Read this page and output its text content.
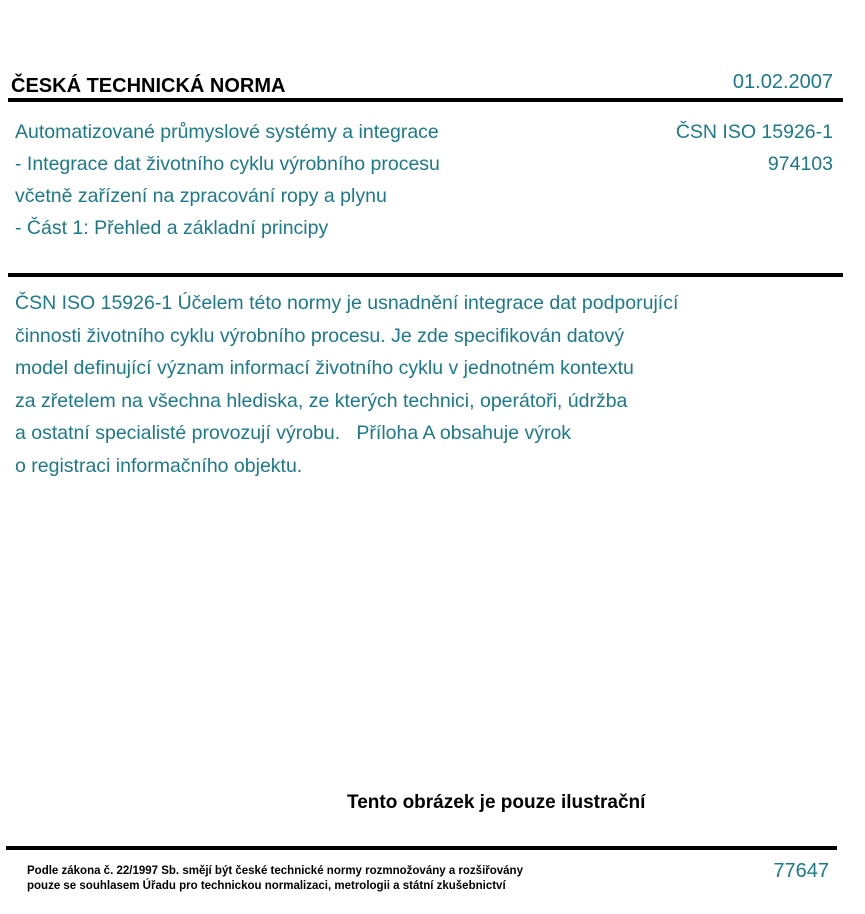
ČESKÁ TECHNICKÁ NORMA	01.02.2007
Automatizované průmyslové systémy a integrace
- Integrace dat životního cyklu výrobního procesu
včetně zařízení na zpracování ropy a plynu
- Část 1: Přehled a základní principy
ČSN ISO 15926-1
974103
ČSN ISO 15926-1 Účelem této normy je usnadnění integrace dat podporující
činnosti životního cyklu výrobního procesu. Je zde specifikován datový
model definující význam informací životního cyklu v jednotném kontextu
za zřetelem na všechna hlediska, ze kterých technici, operátoři, údržba
a ostatní specialisté provozují výrobu.   Příloha A obsahuje výrok
o registraci informačního objektu.
Tento obrázek je pouze ilustrační
Podle zákona č. 22/1997 Sb. smějí být české technické normy rozmnožovány a rozšiřovány
pouze se souhlasem Úřadu pro technickou normalizaci, metrologii a státní zkušebnictví
77647
